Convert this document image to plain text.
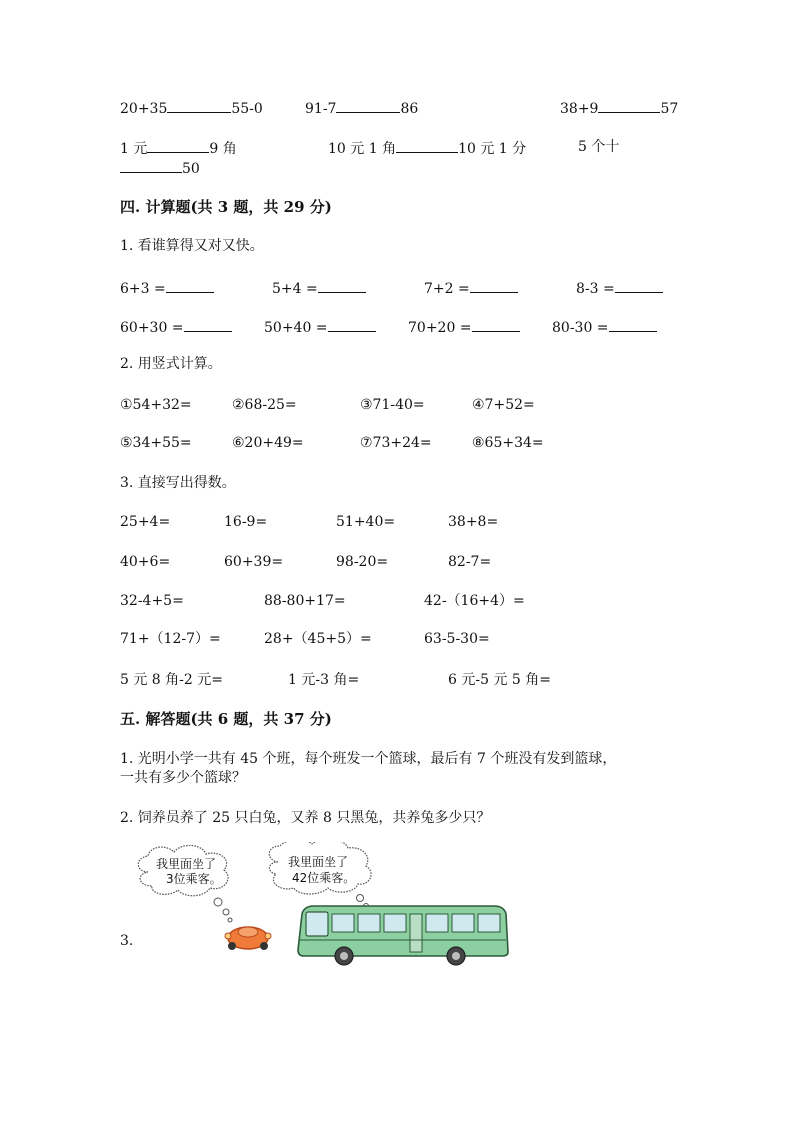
20+35	55-0	91-7	86	38+9	57
1 元	9 角	10 元 1 角	10 元 1 分	5 个十
50
四. 计算题(共 3 题，共 29 分)
1. 看谁算得又对又快。
6+3 =	5+4 =	7+2 =	8-3 =
60+30 =	50+40 =	70+20 =	80-30 =
2. 用竖式计算。
①54+32=	②68-25=	③71-40=	④7+52=
⑤34+55=	⑥20+49=	⑦73+24=	⑧65+34=
3. 直接写出得数。
25+4=	16-9=	51+40=	38+8=
40+6=	60+39=	98-20=	82-7=
32-4+5=	88-80+17=	42-（16+4）=
71+（12-7）=	28+（45+5）=	63-5-30=
5 元 8 角-2 元=	1 元-3 角=	6 元-5 元 5 角=
五. 解答题(共 6 题，共 37 分)
1. 光明小学一共有 45 个班，每个班发一个篮球，最后有 7 个班没有发到篮球，
一共有多少个篮球？
2. 饲养员养了 25 只白兔，又养 8 只黑兔，共养兔多少只？
3.
我里面坐了
3位乘客。
我里面坐了
42位乘客。
